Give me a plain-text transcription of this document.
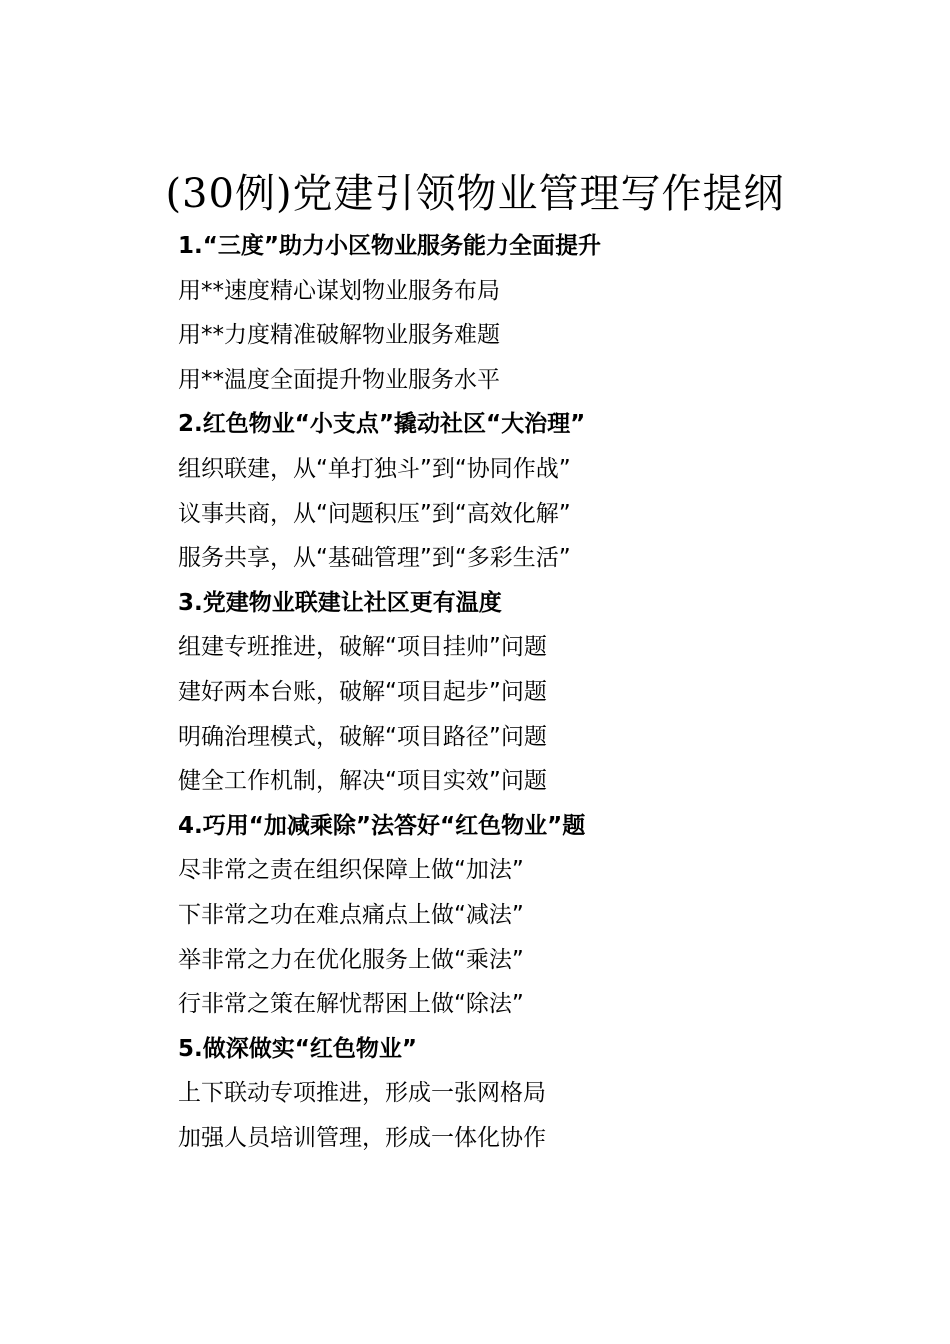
(30例)党建引领物业管理写作提纲
1.“三度”助力小区物业服务能力全面提升
用**速度精心谋划物业服务布局
用**力度精准破解物业服务难题
用**温度全面提升物业服务水平
2.红色物业“小支点”撬动社区“大治理”
组织联建，从“单打独斗”到“协同作战”
议事共商，从“问题积压”到“高效化解”
服务共享，从“基础管理”到“多彩生活”
3.党建物业联建让社区更有温度
组建专班推进，破解“项目挂帅”问题
建好两本台账，破解“项目起步”问题
明确治理模式，破解“项目路径”问题
健全工作机制，解决“项目实效”问题
4.巧用“加减乘除”法答好“红色物业”题
尽非常之责在组织保障上做“加法”
下非常之功在难点痛点上做“减法”
举非常之力在优化服务上做“乘法”
行非常之策在解忧帮困上做“除法”
5.做深做实“红色物业”
上下联动专项推进，形成一张网格局
加强人员培训管理，形成一体化协作
